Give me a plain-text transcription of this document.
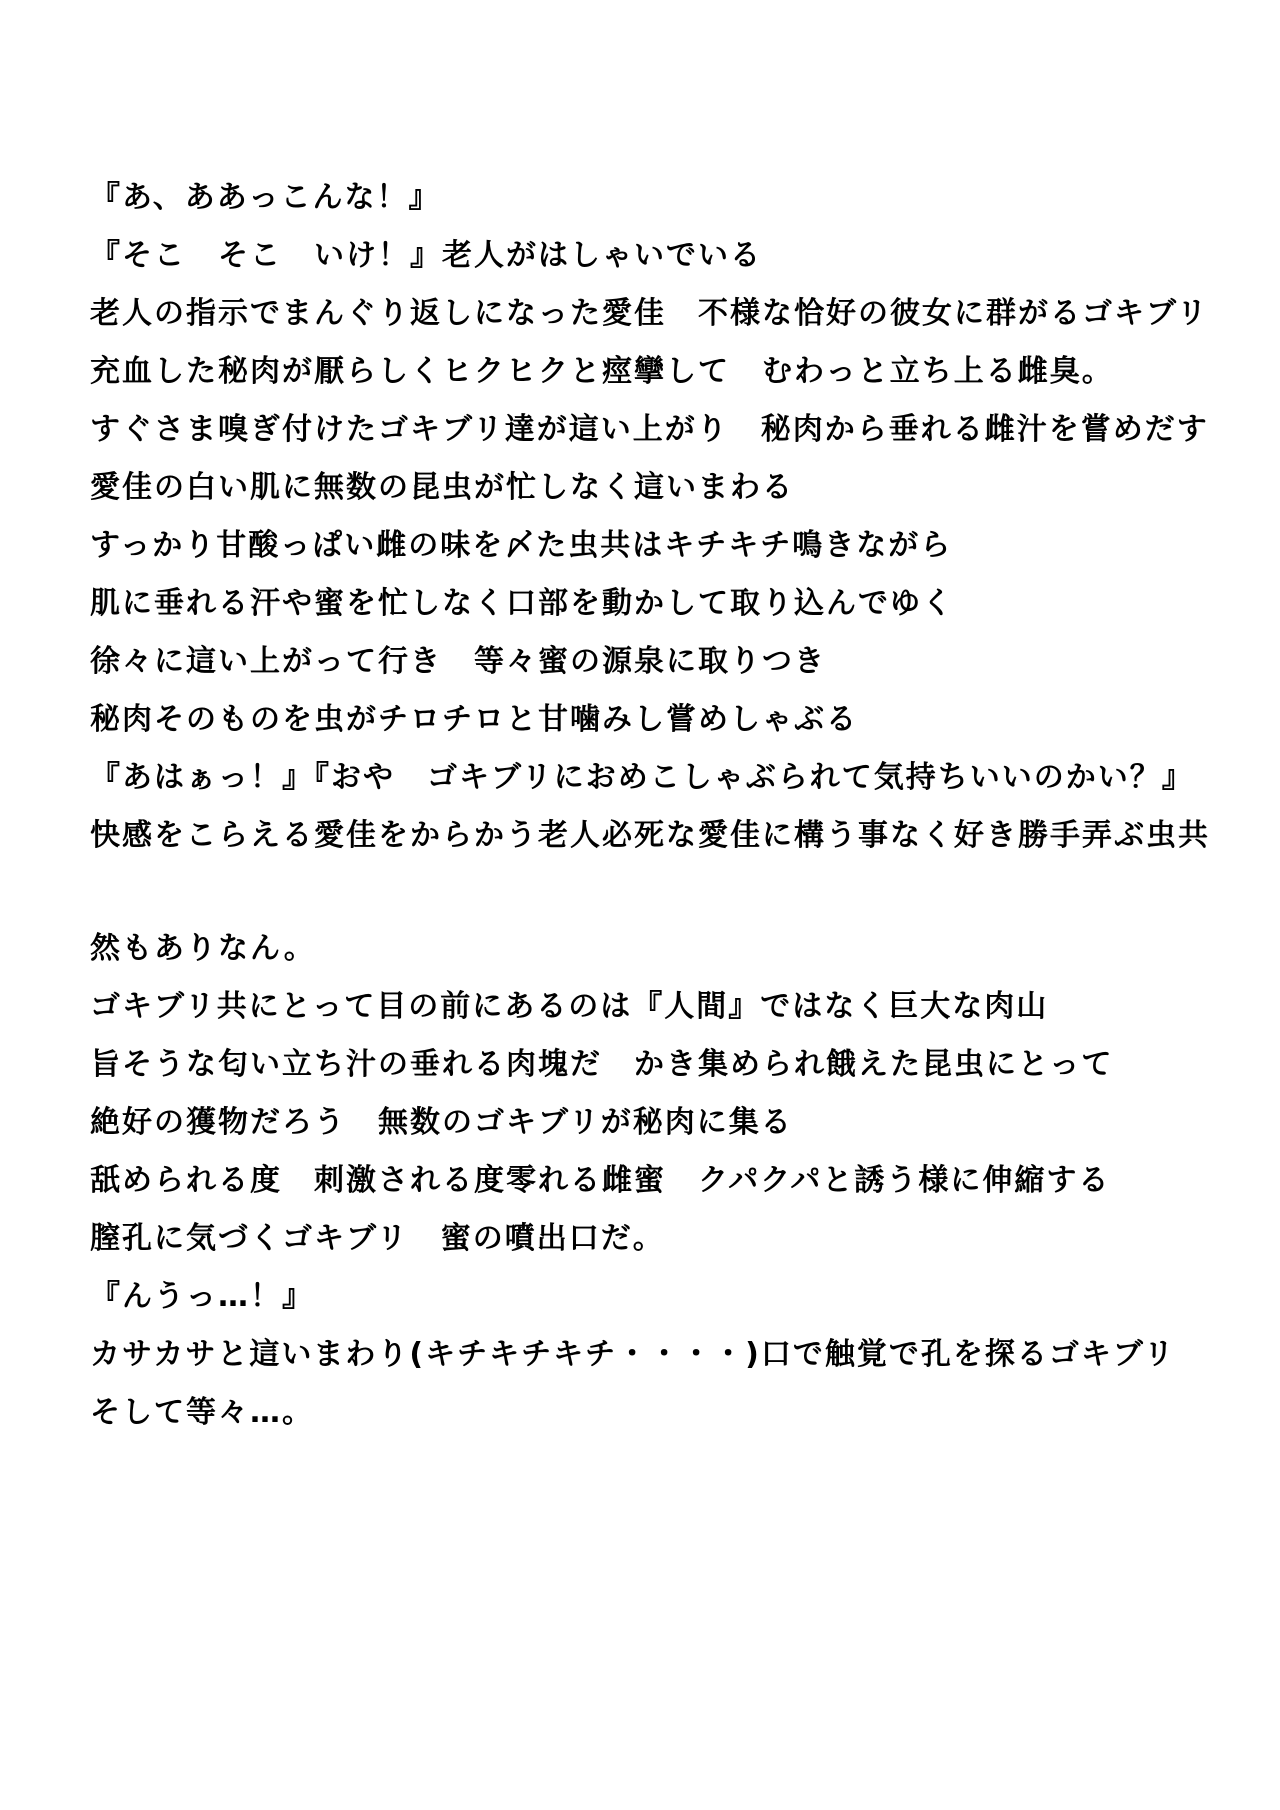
『あ、ああっこんな！』
『そこ　そこ　いけ！』老人がはしゃいでいる
老人の指示でまんぐり返しになった愛佳　不様な恰好の彼女に群がるゴキブリ
充血した秘肉が厭らしくヒクヒクと痙攣して　むわっと立ち上る雌臭。
すぐさま嗅ぎ付けたゴキブリ達が這い上がり　秘肉から垂れる雌汁を嘗めだす
愛佳の白い肌に無数の昆虫が忙しなく這いまわる
すっかり甘酸っぱい雌の味を〆た虫共はキチキチ鳴きながら
肌に垂れる汗や蜜を忙しなく口部を動かして取り込んでゆく
徐々に這い上がって行き　等々蜜の源泉に取りつき
秘肉そのものを虫がチロチロと甘噛みし嘗めしゃぶる
『あはぁっ！』『おや　ゴキブリにおめこしゃぶられて気持ちいいのかい？』
快感をこらえる愛佳をからかう老人必死な愛佳に構う事なく好き勝手弄ぶ虫共
然もありなん。
ゴキブリ共にとって目の前にあるのは『人間』ではなく巨大な肉山
旨そうな匂い立ち汁の垂れる肉塊だ　かき集められ餓えた昆虫にとって
絶好の獲物だろう　無数のゴキブリが秘肉に集る
舐められる度　刺激される度零れる雌蜜　クパクパと誘う様に伸縮する
膣孔に気づくゴキブリ　蜜の噴出口だ。
『んうっ…！』
カサカサと這いまわり(キチキチキチ・・・・)口で触覚で孔を探るゴキブリ
そして等々…。
